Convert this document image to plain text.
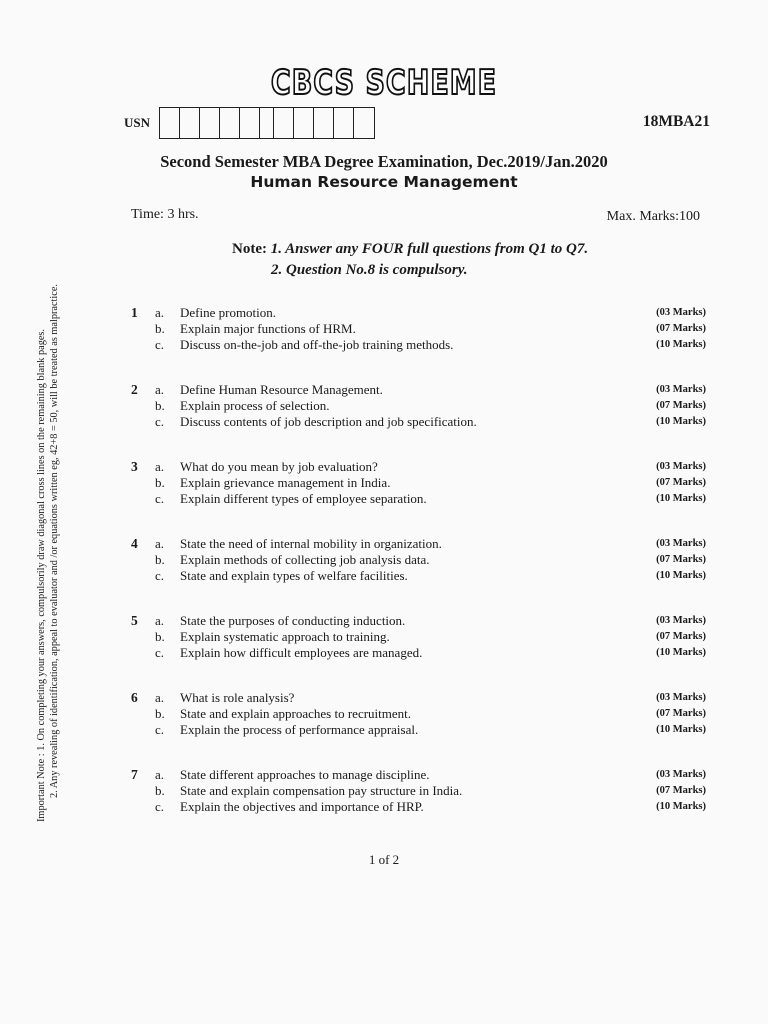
CBCS SCHEME
USN	18MBA21
Second Semester MBA Degree Examination, Dec.2019/Jan.2020
Human Resource Management
Time: 3 hrs.	Max. Marks:100
Note: 1. Answer any FOUR full questions from Q1 to Q7.
2. Question No.8 is compulsory.
Important Note : 1. On completing your answers, compulsorily draw diagonal cross lines on the remaining blank pages. 2. Any revealing of identification, appeal to evaluator and /or equations written eg, 42+8 = 50, will be treated as malpractice.	1 a. Define promotion.	(03 Marks)
b. Explain major functions of HRM.	(07 Marks)
c. Discuss on-the-job and off-the-job training methods.	(10 Marks)
2 a. Define Human Resource Management.	(03 Marks)
b. Explain process of selection.	(07 Marks)
c. Discuss contents of job description and job specification.	(10 Marks)
3 a. What do you mean by job evaluation?	(03 Marks)
b. Explain grievance management in India.	(07 Marks)
c. Explain different types of employee separation.	(10 Marks)
4 a. State the need of internal mobility in organization.	(03 Marks)
b. Explain methods of collecting job analysis data.	(07 Marks)
c. State and explain types of welfare facilities.	(10 Marks)
5 a. State the purposes of conducting induction.	(03 Marks)
b. Explain systematic approach to training.	(07 Marks)
c. Explain how difficult employees are managed.	(10 Marks)
6 a. What is role analysis?	(03 Marks)
b. State and explain approaches to recruitment.	(07 Marks)
c. Explain the process of performance appraisal.	(10 Marks)
7 a. State different approaches to manage discipline.	(03 Marks)
b. State and explain compensation pay structure in India.	(07 Marks)
c. Explain the objectives and importance of HRP.	(10 Marks)
1 of 2
